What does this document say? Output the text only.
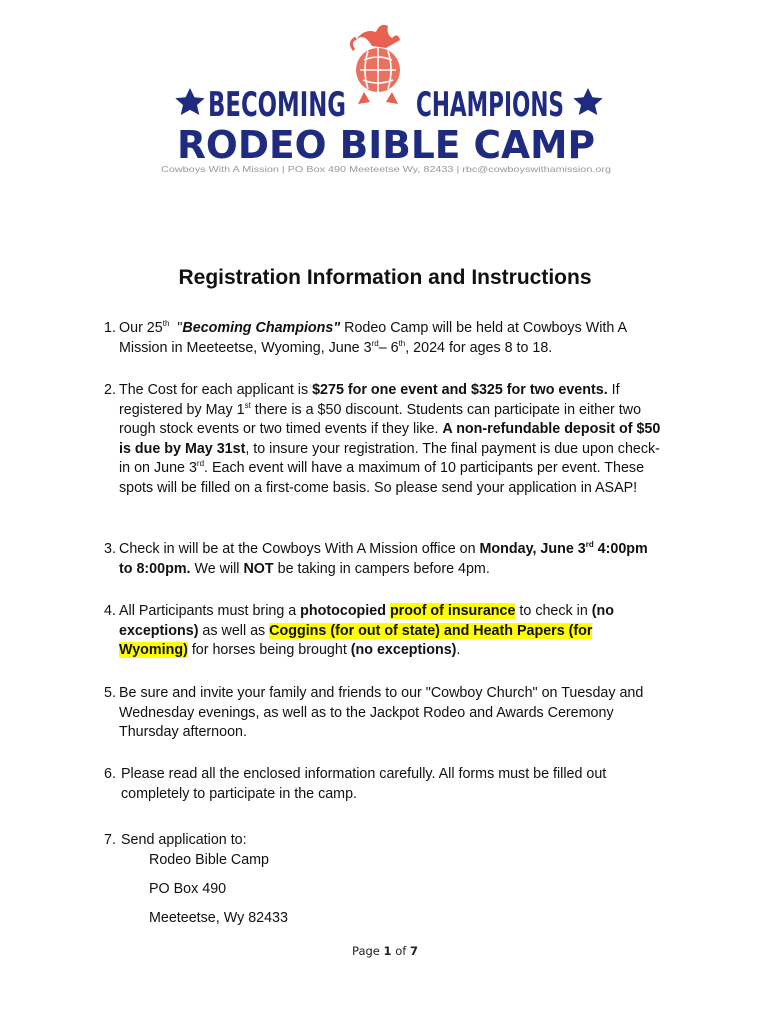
BECOMING CHAMPIONS
RODEO BIBLE CAMP
Cowboys With A Mission | PO Box 490 Meeteetse Wy, 82433 | rbc@cowboyswithamission.org
Registration Information and Instructions
1. Our 25th  "Becoming Champions" Rodeo Camp will be held at Cowboys With A Mission in Meeteetse, Wyoming, June 3rd– 6th, 2024 for ages 8 to 18.
2. The Cost for each applicant is $275 for one event and $325 for two events. If registered by May 1st there is a $50 discount. Students can participate in either two rough stock events or two timed events if they like. A non-refundable deposit of $50 is due by May 31st, to insure your registration. The final payment is due upon check-in on June 3rd. Each event will have a maximum of 10 participants per event. These spots will be filled on a first-come basis. So please send your application in ASAP!
3. Check in will be at the Cowboys With A Mission office on Monday, June 3rd 4:00pm to 8:00pm. We will NOT be taking in campers before 4pm.
4. All Participants must bring a photocopied proof of insurance to check in (no exceptions) as well as Coggins (for out of state) and Heath Papers (for Wyoming) for horses being brought (no exceptions).
5. Be sure and invite your family and friends to our "Cowboy Church" on Tuesday and Wednesday evenings, as well as to the Jackpot Rodeo and Awards Ceremony Thursday afternoon.
6. Please read all the enclosed information carefully. All forms must be filled out completely to participate in the camp.
7. Send application to:
Rodeo Bible Camp
PO Box 490
Meeteetse, Wy 82433
Page 1 of 7
